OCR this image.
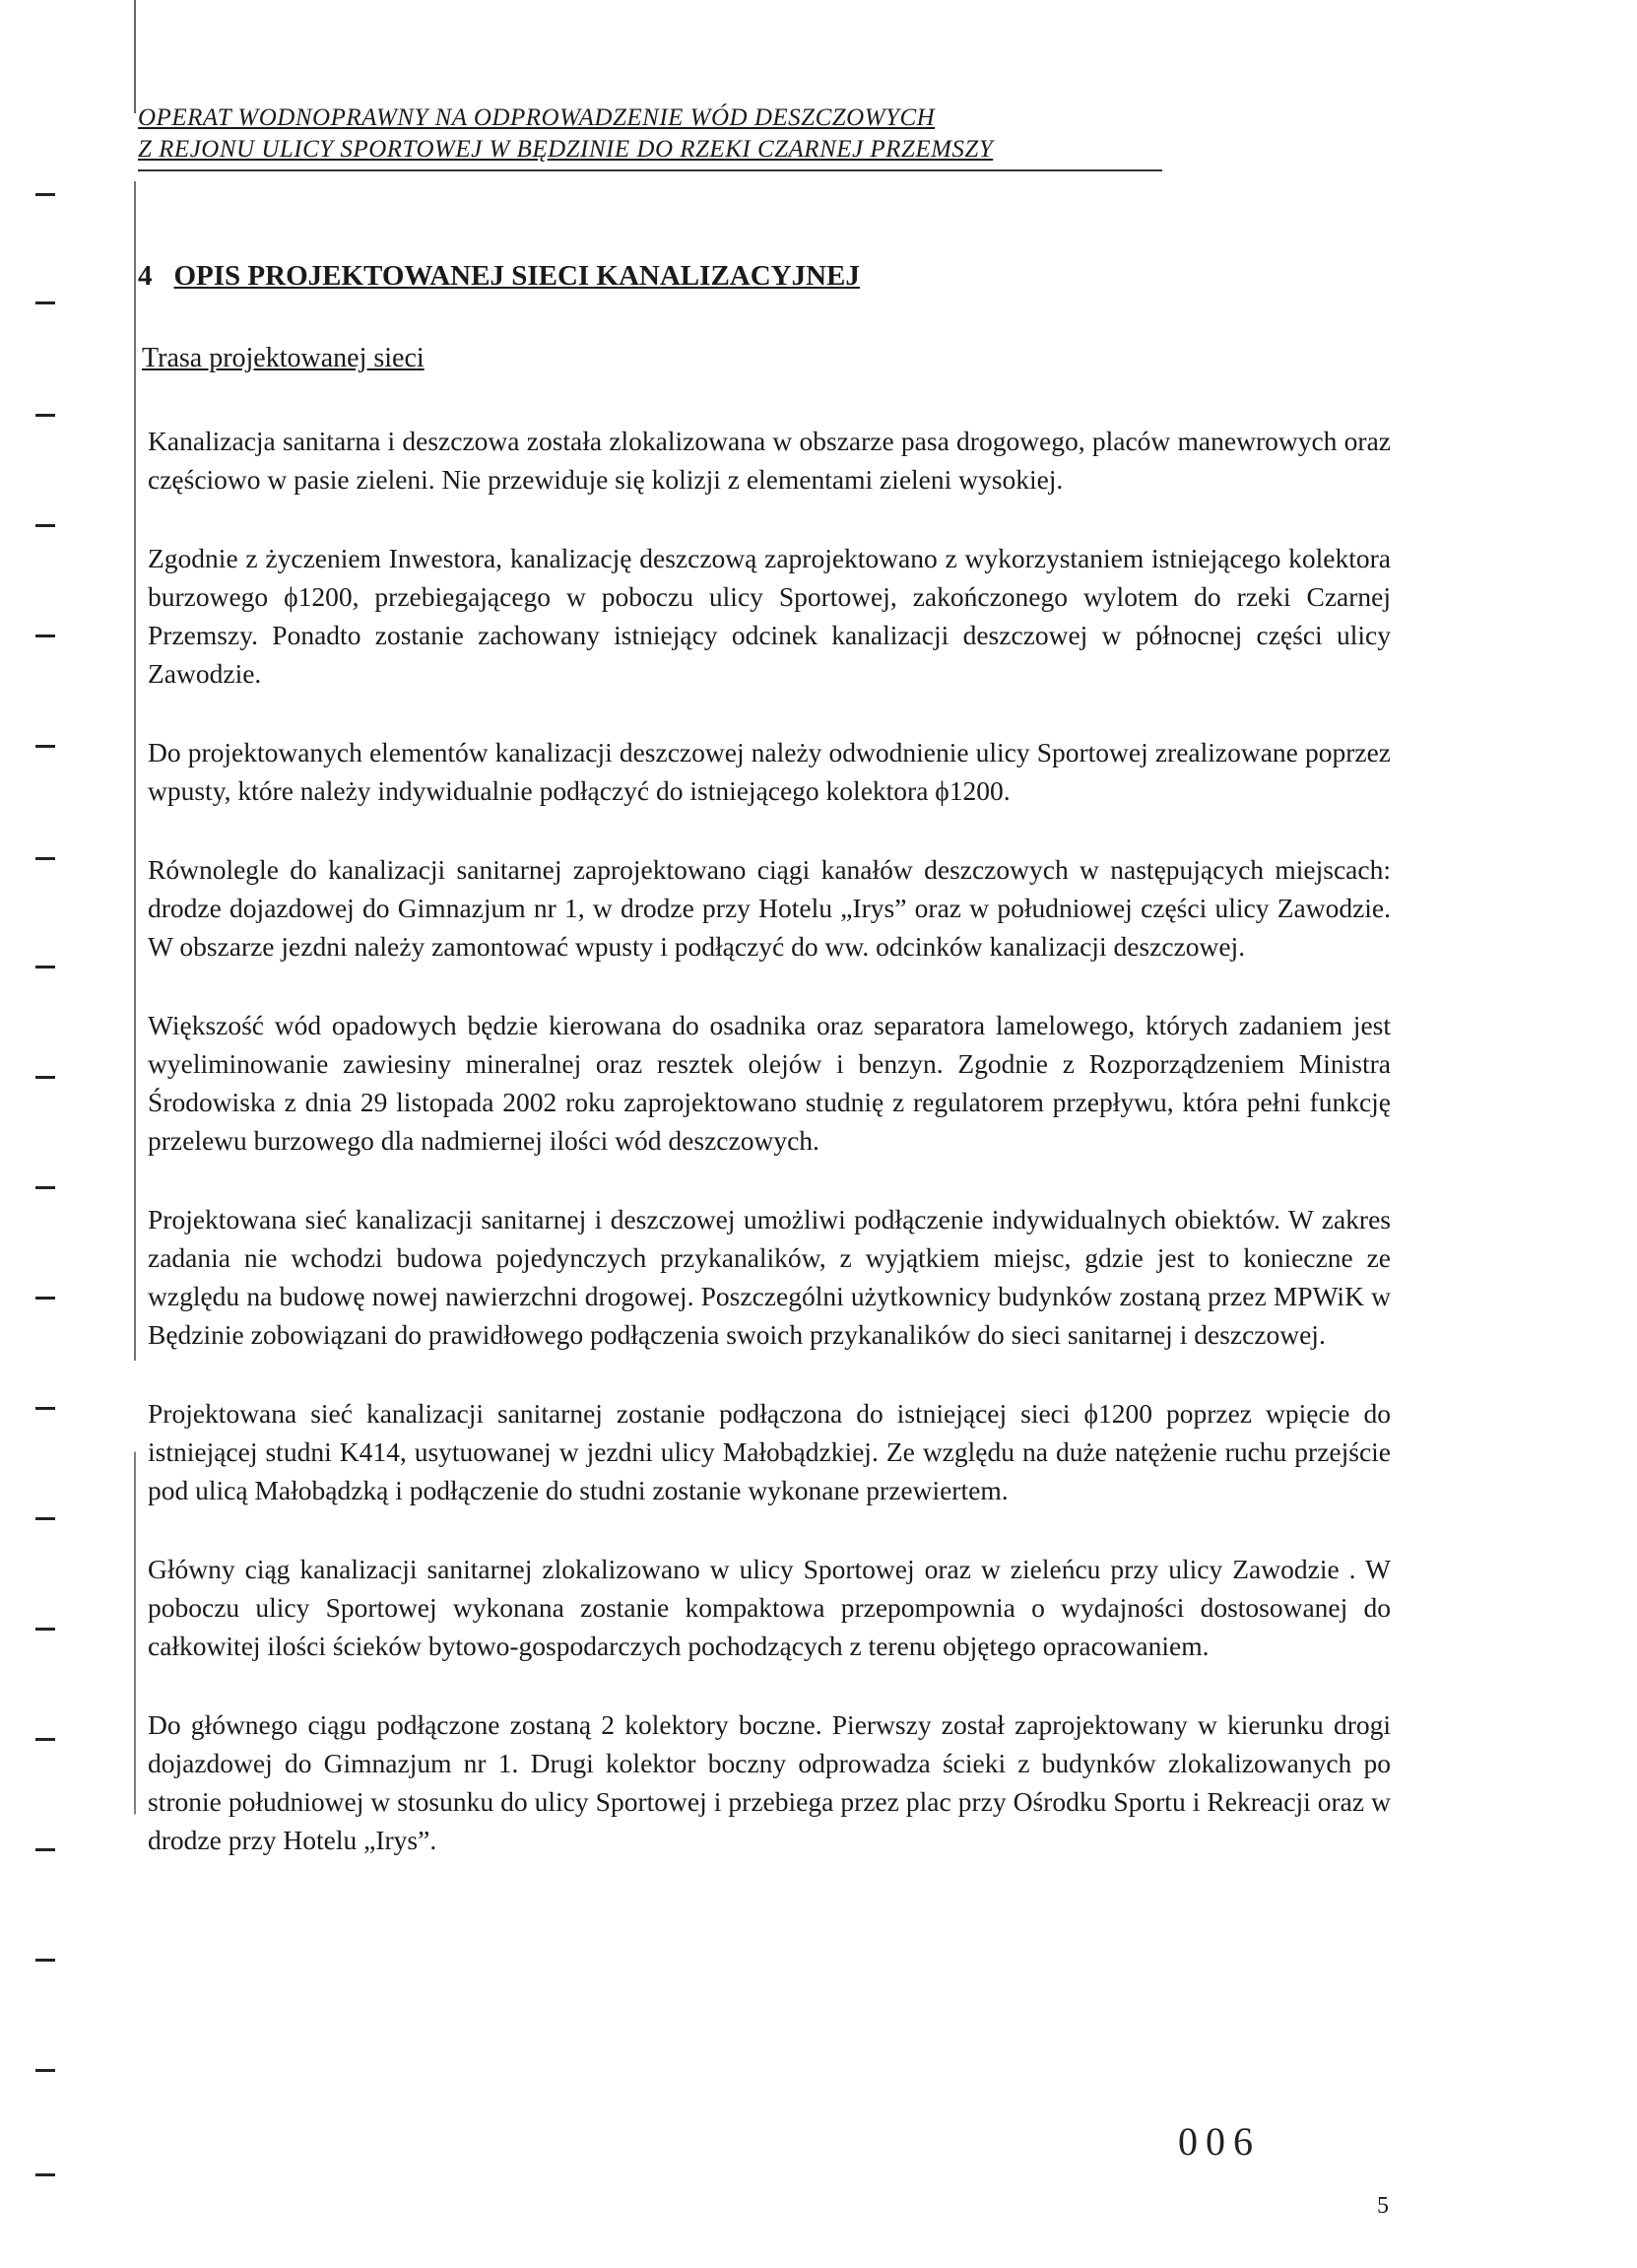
OPERAT WODNOPRAWNY NA ODPROWADZENIE WÓD DESZCZOWYCH
Z REJONU ULICY SPORTOWEJ W BĘDZINIE DO RZEKI CZARNEJ PRZEMSZY
4 OPIS PROJEKTOWANEJ SIECI KANALIZACYJNEJ
Trasa projektowanej sieci

Kanalizacja sanitarna i deszczowa została zlokalizowana w obszarze pasa drogowego, placów manewrowych oraz częściowo w pasie zieleni. Nie przewiduje się kolizji z elementami zieleni wysokiej.

Zgodnie z życzeniem Inwestora, kanalizację deszczową zaprojektowano z wykorzystaniem istniejącego kolektora burzowego ϕ1200, przebiegającego w poboczu ulicy Sportowej, zakończonego wylotem do rzeki Czarnej Przemszy. Ponadto zostanie zachowany istniejący odcinek kanalizacji deszczowej w północnej części ulicy Zawodzie.

Do projektowanych elementów kanalizacji deszczowej należy odwodnienie ulicy Sportowej zrealizowane poprzez wpusty, które należy indywidualnie podłączyć do istniejącego kolektora ϕ1200.

Równolegle do kanalizacji sanitarnej zaprojektowano ciągi kanałów deszczowych w następujących miejscach: drodze dojazdowej do Gimnazjum nr 1, w drodze przy Hotelu „Irys” oraz w południowej części ulicy Zawodzie. W obszarze jezdni należy zamontować wpusty i podłączyć do ww. odcinków kanalizacji deszczowej.

Większość wód opadowych będzie kierowana do osadnika oraz separatora lamelowego, których zadaniem jest wyeliminowanie zawiesiny mineralnej oraz resztek olejów i benzyn. Zgodnie z Rozporządzeniem Ministra Środowiska z dnia 29 listopada 2002 roku zaprojektowano studnię z regulatorem przepływu, która pełni funkcję przelewu burzowego dla nadmiernej ilości wód deszczowych.

Projektowana sieć kanalizacji sanitarnej i deszczowej umożliwi podłączenie indywidualnych obiektów. W zakres zadania nie wchodzi budowa pojedynczych przykanalików, z wyjątkiem miejsc, gdzie jest to konieczne ze względu na budowę nowej nawierzchni drogowej. Poszczególni użytkownicy budynków zostaną przez MPWiK w Będzinie zobowiązani do prawidłowego podłączenia swoich przykanalików do sieci sanitarnej i deszczowej.

Projektowana sieć kanalizacji sanitarnej zostanie podłączona do istniejącej sieci ϕ1200 poprzez wpięcie do istniejącej studni K414, usytuowanej w jezdni ulicy Małobądzkiej. Ze względu na duże natężenie ruchu przejście pod ulicą Małobądzką i podłączenie do studni zostanie wykonane przewiertem.

Główny ciąg kanalizacji sanitarnej zlokalizowano w ulicy Sportowej oraz w zieleńcu przy ulicy Zawodzie . W poboczu ulicy Sportowej wykonana zostanie kompaktowa przepompownia o wydajności dostosowanej do całkowitej ilości ścieków bytowo-gospodarczych pochodzących z terenu objętego opracowaniem.

Do głównego ciągu podłączone zostaną 2 kolektory boczne. Pierwszy został zaprojektowany w kierunku drogi dojazdowej do Gimnazjum nr 1. Drugi kolektor boczny odprowadza ścieki z budynków zlokalizowanych po stronie południowej w stosunku do ulicy Sportowej i przebiega przez plac przy Ośrodku Sportu i Rekreacji oraz w drodze przy Hotelu „Irys”.

006
5
